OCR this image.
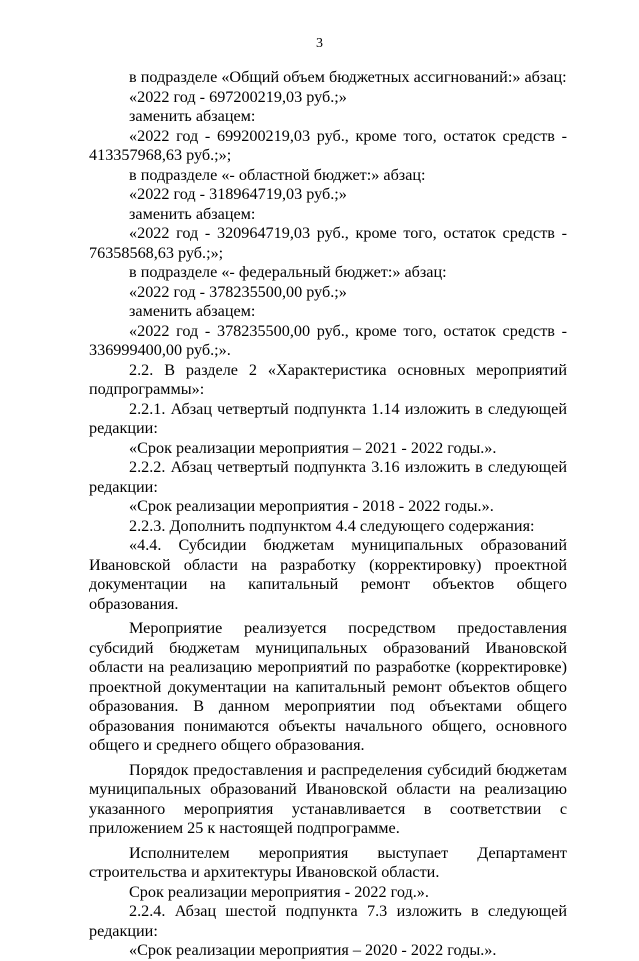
3

в подразделе «Общий объем бюджетных ассигнований:» абзац:

«2022 год - 697200219,03 руб.;»

заменить абзацем:

«2022 год - 699200219,03 руб., кроме того, остаток средств - 413357968,63 руб.;»;

в подразделе «- областной бюджет:» абзац:

«2022 год - 318964719,03 руб.;»

заменить абзацем:

«2022 год - 320964719,03 руб., кроме того, остаток средств - 76358568,63 руб.;»;

в подразделе «- федеральный бюджет:» абзац:

«2022 год - 378235500,00 руб.;»

заменить абзацем:

«2022 год - 378235500,00 руб., кроме того, остаток средств - 336999400,00 руб.;».

2.2. В разделе 2 «Характеристика основных мероприятий подпрограммы»:

2.2.1. Абзац четвертый подпункта 1.14 изложить в следующей редакции:

«Срок реализации мероприятия – 2021 - 2022 годы.».

2.2.2. Абзац четвертый подпункта 3.16 изложить в следующей редакции:

«Срок реализации мероприятия - 2018 - 2022 годы.».

2.2.3. Дополнить подпунктом 4.4 следующего содержания:

«4.4. Субсидии бюджетам муниципальных образований Ивановской области на разработку (корректировку) проектной документации на капитальный ремонт объектов общего образования.

Мероприятие реализуется посредством предоставления субсидий бюджетам муниципальных образований Ивановской области на реализацию мероприятий по разработке (корректировке) проектной документации на капитальный ремонт объектов общего образования. В данном мероприятии под объектами общего образования понимаются объекты начального общего, основного общего и среднего общего образования.

Порядок предоставления и распределения субсидий бюджетам муниципальных образований Ивановской области на реализацию указанного мероприятия устанавливается в соответствии с приложением 25 к настоящей подпрограмме.

Исполнителем мероприятия выступает Департамент строительства и архитектуры Ивановской области.

Срок реализации мероприятия - 2022 год.».

2.2.4. Абзац шестой подпункта 7.3 изложить в следующей редакции:

«Срок реализации мероприятия – 2020 - 2022 годы.».
